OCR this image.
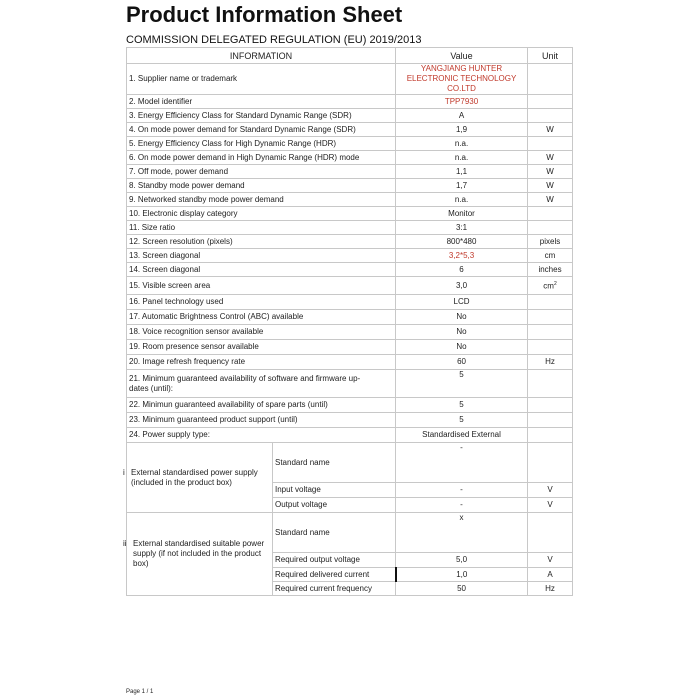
Product Information Sheet
COMMISSION DELEGATED REGULATION (EU) 2019/2013
INFORMATION		Value	Unit
1. Supplier name or trademark		YANGJIANG HUNTER ELECTRONIC TECHNOLOGY CO.LTD	
2. Model identifier		TPP7930	
3. Energy Efficiency Class for Standard Dynamic Range (SDR)		A	
4. On mode power demand for Standard Dynamic Range (SDR)		1,9	W
5. Energy Efficiency Class for High Dynamic Range (HDR)		n.a.	
6. On mode power demand in High Dynamic Range (HDR) mode		n.a.	W
7. Off mode, power demand		1,1	W
8. Standby mode power demand		1,7	W
9. Networked standby mode power demand		n.a.	W
10. Electronic display category		Monitor	
11. Size ratio		3:1	
12. Screen resolution (pixels)		800*480	pixels
13. Screen diagonal		3,2*5,3	cm
14. Screen diagonal		6	inches
15. Visible screen area		3,0	$cm^2$
16. Panel technology used		LCD	
17. Automatic Brightness Control (ABC) available		No	
18. Voice recognition sensor available		No	
19. Room presence sensor available		No	
20. Image refresh frequency rate		60	Hz

21. Minimum guaranteed availability of software and firmware up-dates (until):		5	
22. Minimun guaranteed availability of spare parts (until)		5	
23. Minimum guaranteed product support (until)		5	
24. Power supply type:		Standardised External	

i External standardised power supply (included in the product box)	Standard name	-	
	Input voltage	-	V
	Output voltage	-	V

ii External standardised suitable power supply (if not included in the product box)	Standard name	x	
	Required output voltage	5,0	V
	Required delivered current	1,0	A
	Required current frequency	50	Hz
Page 1 / 1
